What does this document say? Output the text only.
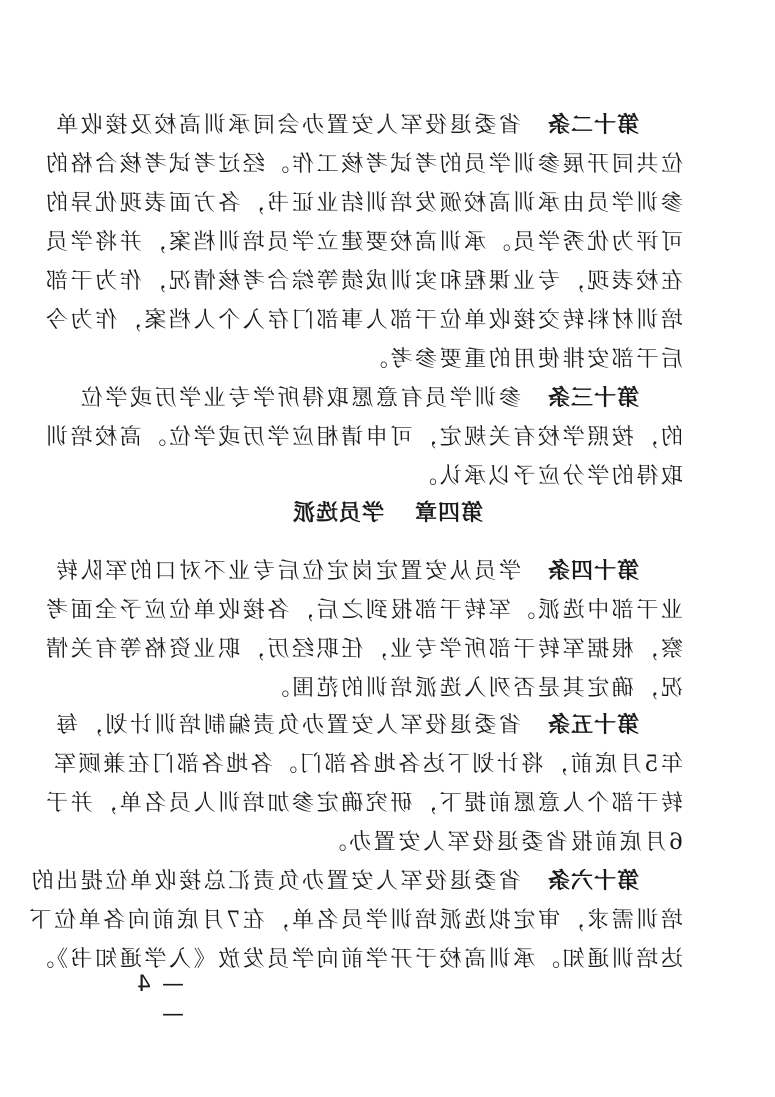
第十二条省委退役军人安置办会同承训高校及接收单
位共同开展参训学员的考试考核工作。经过考试考核合格的
参训学员由承训高校颁发培训结业证书，各方面表现优异的
可评为优秀学员。承训高校要建立学员培训档案，并将学员
在校表现，专业课程和实训成绩等综合考核情况，作为干部
培训材料转交接收单位干部人事部门存入个人档案，作为今
后干部安排使用的重要参考。
第十三条参训学员有意愿取得所学专业学历或学位
的，按照学校有关规定，可申请相应学历或学位。高校培训
取得的学分应予以承认。
第四章学员选派
第十四条学员从安置定岗定位后专业不对口的军队转
业干部中选派。军转干部报到之后，各接收单位应予全面考
察，根据军转干部所学专业，任职经历，职业资格等有关情
况，确定其是否列入选派培训的范围。
第十五条省委退役军人安置办负责编制培训计划，每
年5月底前，将计划下达各地各部门。各地各部门在兼顾军
转干部个人意愿前提下，研究确定参加培训人员名单，并于
6月底前报省委退役军人安置办。
第十六条省委退役军人安置办负责汇总接收单位提出的
培训需求，审定拟选派培训学员名单，在7月底前向各单位下
达培训通知。承训高校于开学前向学员发放《入学通知书》。
— 4 —
